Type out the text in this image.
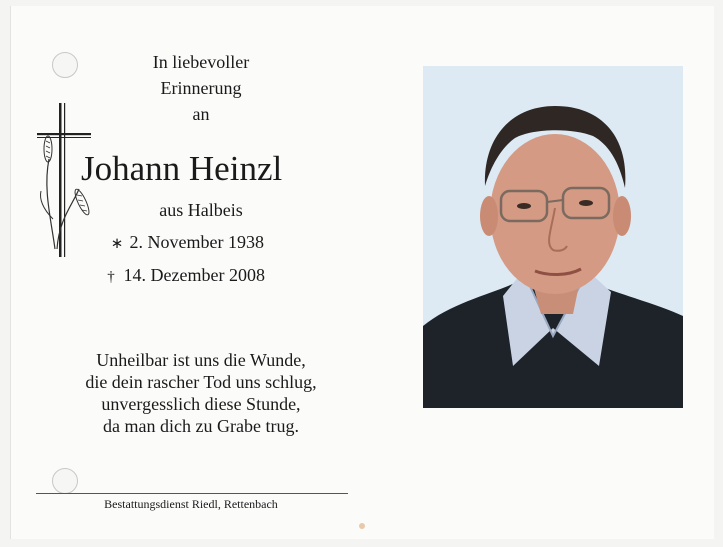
In liebevoller
Erinnerung
an
Johann Heinzl
aus Halbeis
∗ 2. November 1938
† 14. Dezember 2008
Unheilbar ist uns die Wunde,
die dein rascher Tod uns schlug,
unvergesslich diese Stunde,
da man dich zu Grabe trug.
Bestattungsdienst Riedl, Rettenbach
